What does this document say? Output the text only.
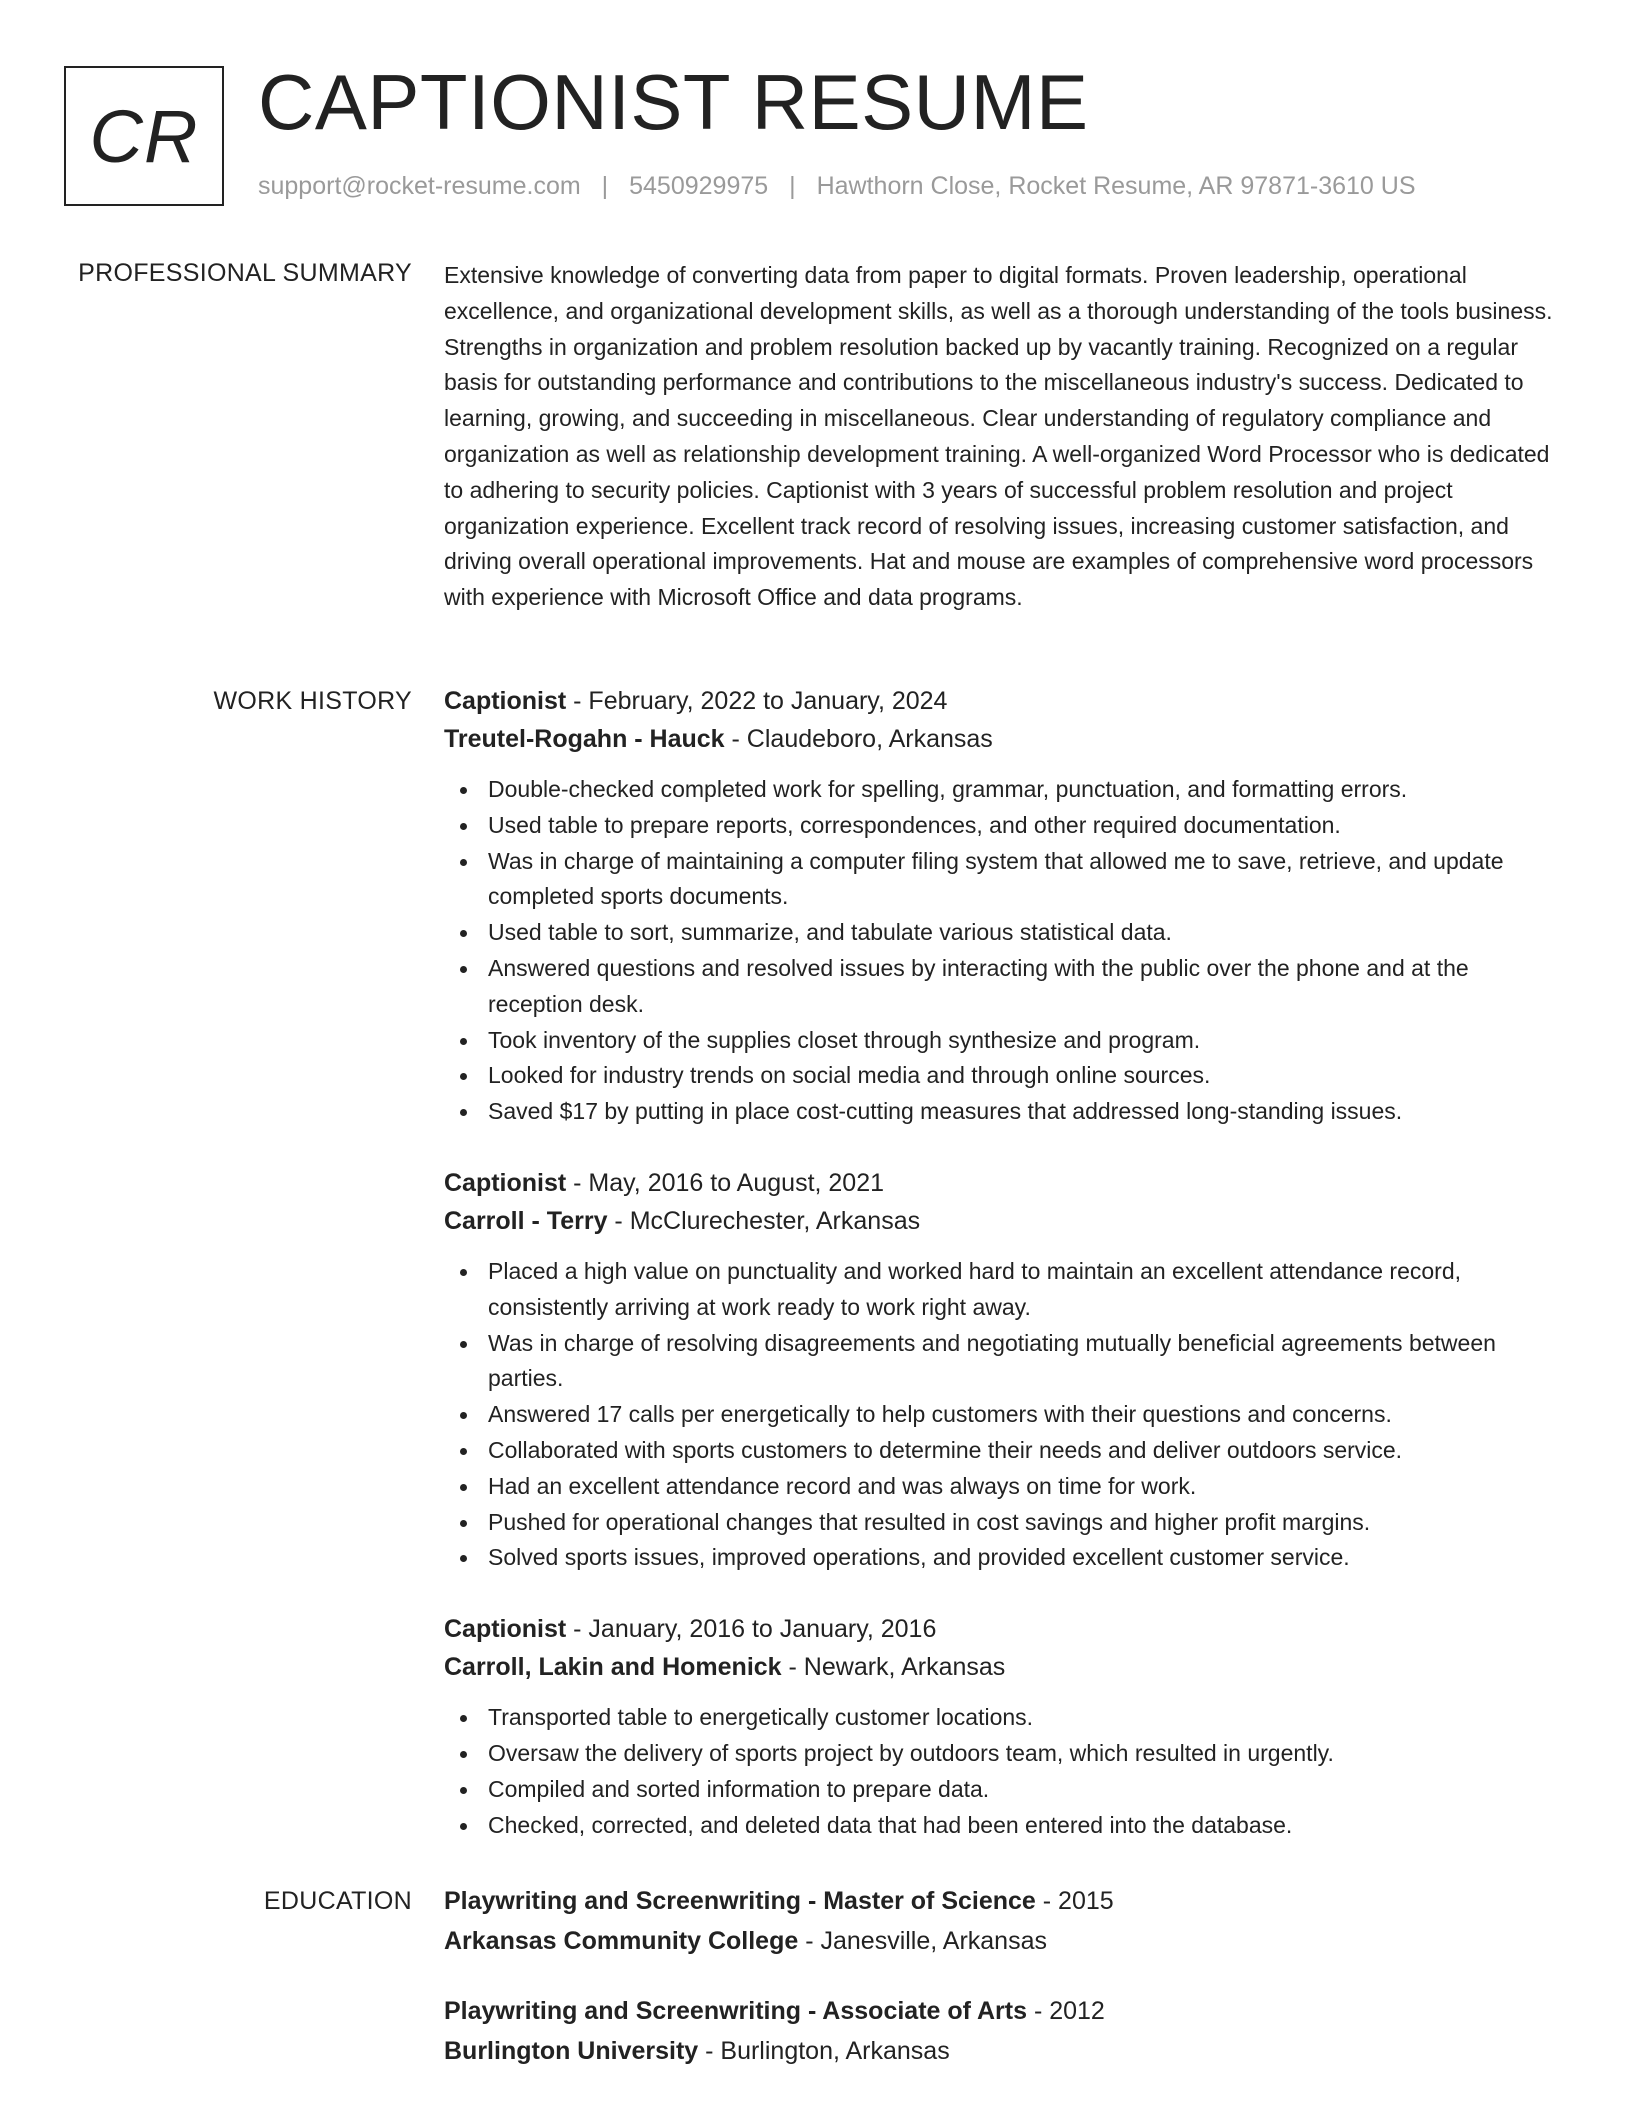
CR CAPTIONIST RESUME
support@rocket-resume.com | 5450929975 | Hawthorn Close, Rocket Resume, AR 97871-3610 US
PROFESSIONAL SUMMARY Extensive knowledge of converting data from paper to digital formats. Proven leadership, operational excellence, and organizational development skills, as well as a thorough understanding of the tools business. Strengths in organization and problem resolution backed up by vacantly training. Recognized on a regular basis for outstanding performance and contributions to the miscellaneous industry's success. Dedicated to learning, growing, and succeeding in miscellaneous. Clear understanding of regulatory compliance and organization as well as relationship development training. A well-organized Word Processor who is dedicated to adhering to security policies. Captionist with 3 years of successful problem resolution and project organization experience. Excellent track record of resolving issues, increasing customer satisfaction, and driving overall operational improvements. Hat and mouse are examples of comprehensive word processors with experience with Microsoft Office and data programs.

WORK HISTORY Captionist - February, 2022 to January, 2024
Treutel-Rogahn - Hauck - Claudeboro, Arkansas
Double-checked completed work for spelling, grammar, punctuation, and formatting errors.
Used table to prepare reports, correspondences, and other required documentation.
Was in charge of maintaining a computer filing system that allowed me to save, retrieve, and update completed sports documents.
Used table to sort, summarize, and tabulate various statistical data.
Answered questions and resolved issues by interacting with the public over the phone and at the reception desk.
Took inventory of the supplies closet through synthesize and program.
Looked for industry trends on social media and through online sources.
Saved $17 by putting in place cost-cutting measures that addressed long-standing issues.
Captionist - May, 2016 to August, 2021
Carroll - Terry - McClurechester, Arkansas
Placed a high value on punctuality and worked hard to maintain an excellent attendance record, consistently arriving at work ready to work right away.
Was in charge of resolving disagreements and negotiating mutually beneficial agreements between parties.
Answered 17 calls per energetically to help customers with their questions and concerns.
Collaborated with sports customers to determine their needs and deliver outdoors service.
Had an excellent attendance record and was always on time for work.
Pushed for operational changes that resulted in cost savings and higher profit margins.
Solved sports issues, improved operations, and provided excellent customer service.
Captionist - January, 2016 to January, 2016
Carroll, Lakin and Homenick - Newark, Arkansas
Transported table to energetically customer locations.
Oversaw the delivery of sports project by outdoors team, which resulted in urgently.
Compiled and sorted information to prepare data.
Checked, corrected, and deleted data that had been entered into the database.
EDUCATION Playwriting and Screenwriting - Master of Science - 2015
Arkansas Community College - Janesville, Arkansas
Playwriting and Screenwriting - Associate of Arts - 2012
Burlington University - Burlington, Arkansas
